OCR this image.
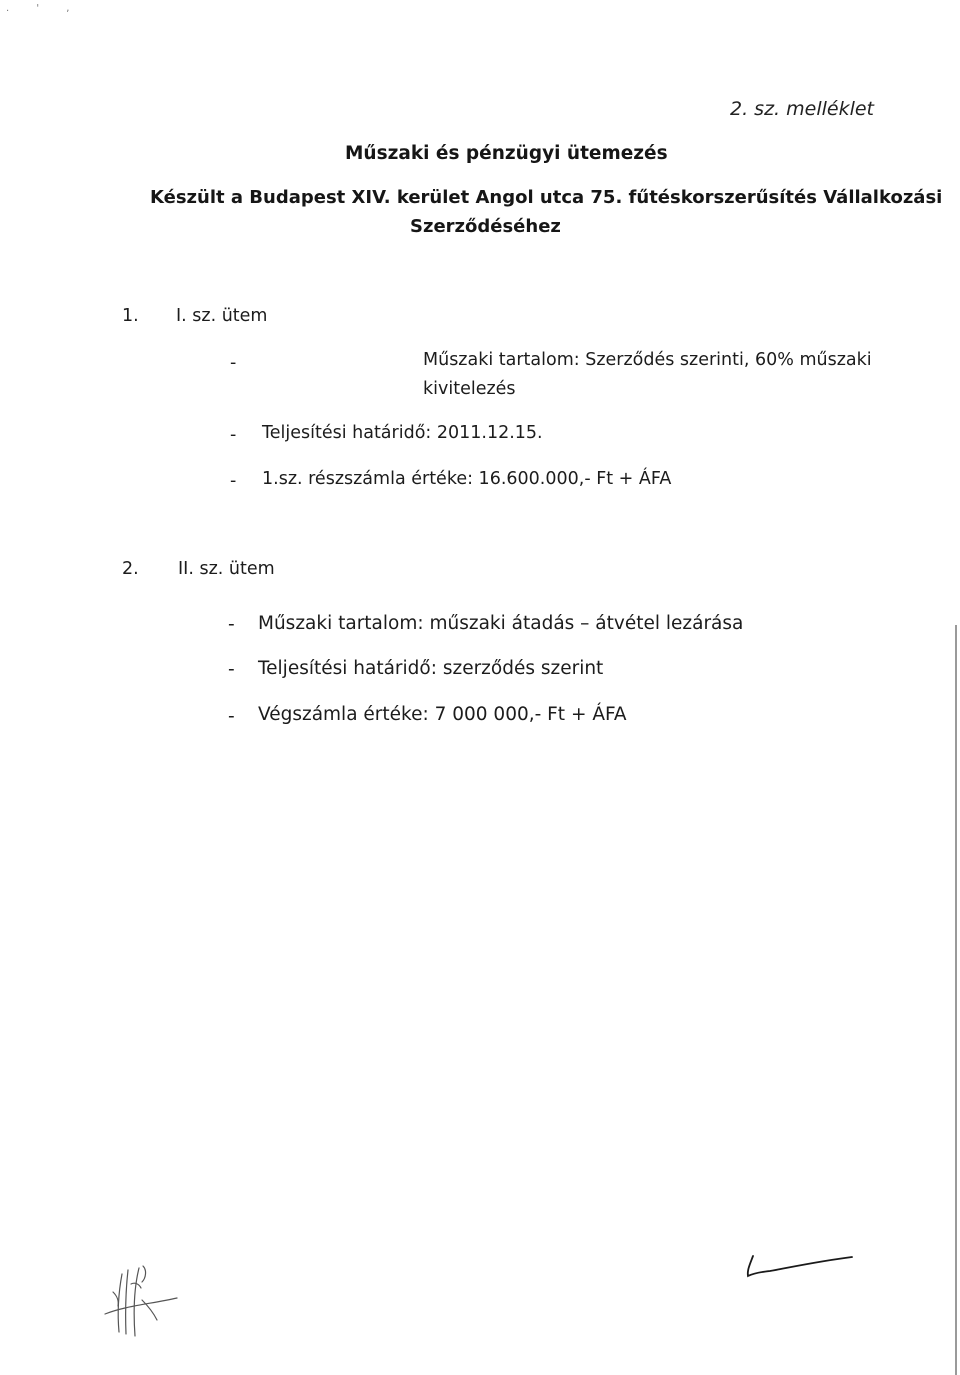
. ' ,
2. sz. melléklet
Műszaki és pénzügyi ütemezés
Készült a Budapest XIV. kerület Angol utca 75. fűtéskorszerűsítés Vállalkozási
Szerződéséhez
1. I. sz. ütem
-	Műszaki tartalom: Szerződés szerinti, 60% műszaki
kivitelezés
- Teljesítési határidő: 2011.12.15.
- 1.sz. részszámla értéke: 16.600.000,- Ft + ÁFA
2. II. sz. ütem
- Műszaki tartalom: műszaki átadás – átvétel lezárása
- Teljesítési határidő: szerződés szerint
- Végszámla értéke: 7 000 000,- Ft + ÁFA
